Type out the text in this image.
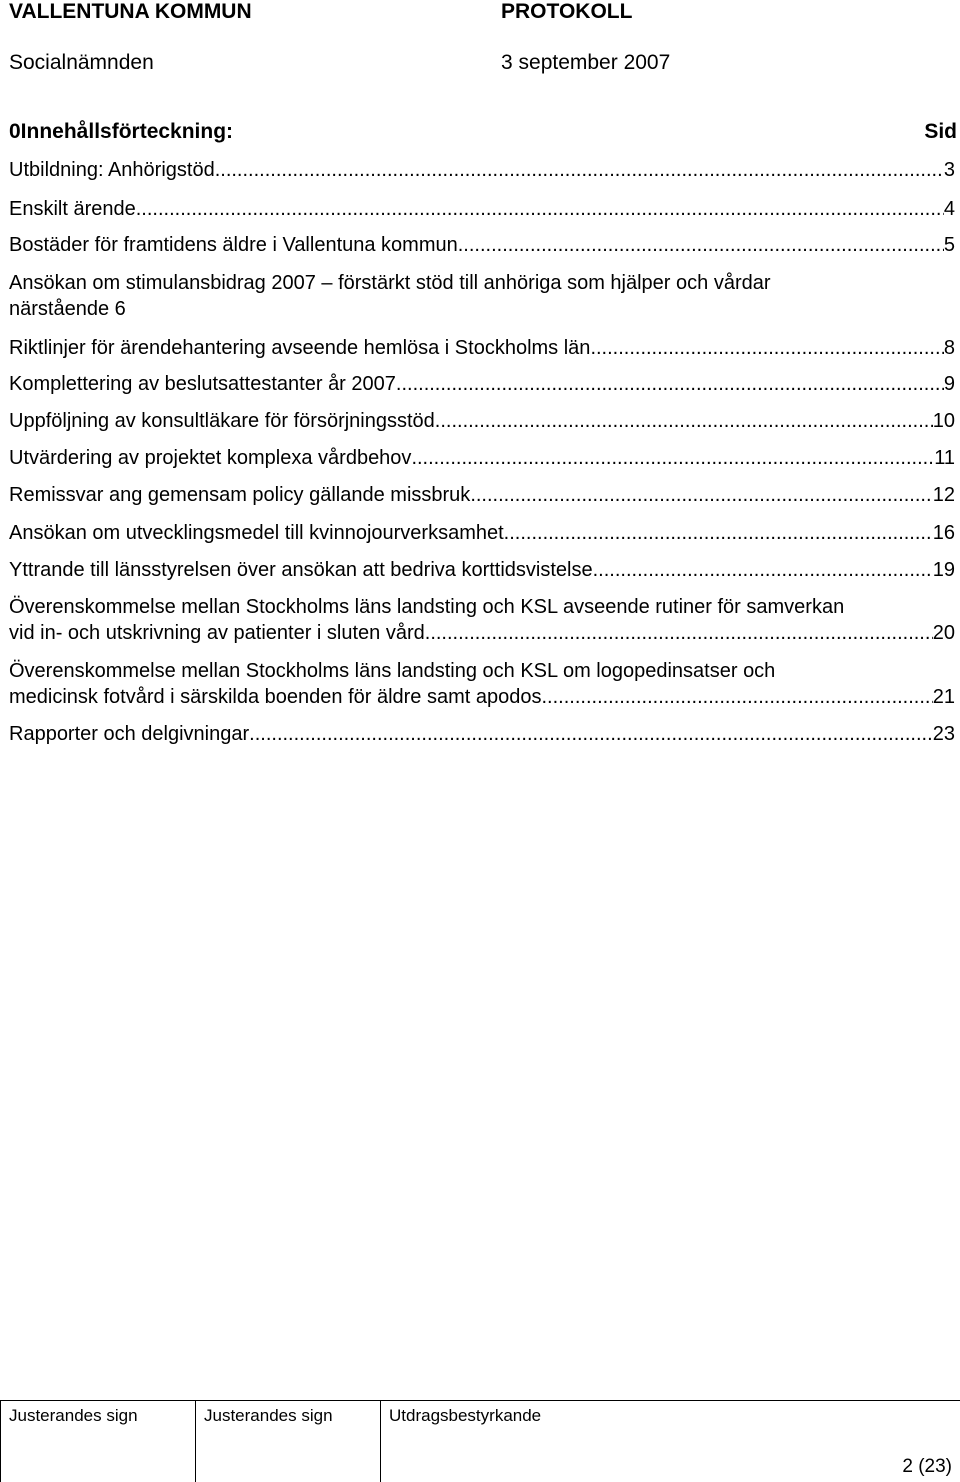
VALLENTUNA KOMMUN	PROTOKOLL
Socialnämnden	3 september 2007
0Innehållsförteckning:	Sid
Utbildning: Anhörigstöd .....	3
Enskilt ärende .....	4
Bostäder för framtidens äldre i Vallentuna kommun .....	5
Ansökan om stimulansbidrag 2007 – förstärkt stöd till anhöriga som hjälper och vårdar
närstående 6
Riktlinjer för ärendehantering avseende hemlösa i Stockholms län .....	8
Komplettering av beslutsattestanter år 2007 .....	9
Uppföljning av konsultläkare för försörjningsstöd .....	10
Utvärdering av projektet komplexa vårdbehov .....	11
Remissvar ang gemensam policy gällande missbruk .....	12
Ansökan om utvecklingsmedel till kvinnojourverksamhet .....	16
Yttrande till länsstyrelsen över ansökan att bedriva korttidsvistelse .....	19
Överenskommelse mellan Stockholms läns landsting och KSL avseende rutiner för samverkan
vid in- och utskrivning av patienter i sluten vård .....	20
Överenskommelse mellan Stockholms läns landsting och KSL om logopedinsatser och
medicinsk fotvård i särskilda boenden för äldre samt apodos .....	21
Rapporter och delgivningar .....	23
Justerandes sign	Justerandes sign	Utdragsbestyrkande
2 (23)
